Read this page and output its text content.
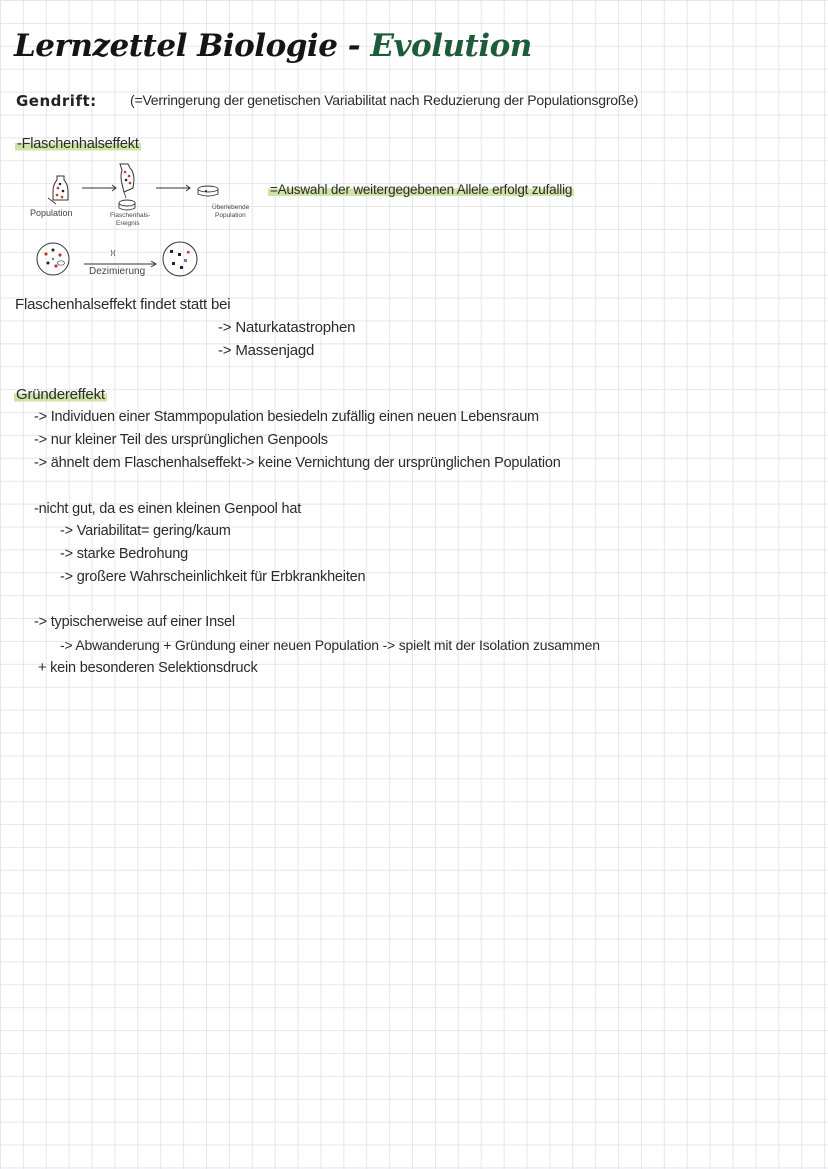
Lernzettel Biologie - Evolution
Gendrift: (=Verringerung der genetischen Variabilitat nach Reduzierung der Populationsgroße)
-Flaschenhalseffekt
Population	Flaschenhals-
Ereignis
Überlebende
Population
Dezimierung
=Auswahl der weitergegebenen Allele erfolgt zufallig
Flaschenhalseffekt findet statt bei
-> Naturkatastrophen
-> Massenjagd
Gründereffekt
-> Individuen einer Stammpopulation besiedeln zufällig einen neuen Lebensraum
-> nur kleiner Teil des ursprünglichen Genpools
-> ähnelt dem Flaschenhalseffekt-> keine Vernichtung der ursprünglichen Population
-nicht gut, da es einen kleinen Genpool hat
-> Variabilitat= gering/kaum
-> starke Bedrohung
-> großere Wahrscheinlichkeit für Erbkrankheiten
-> typischerweise auf einer Insel
-> Abwanderung + Gründung einer neuen Population -> spielt mit der Isolation zusammen
+ kein besonderen Selektionsdruck
